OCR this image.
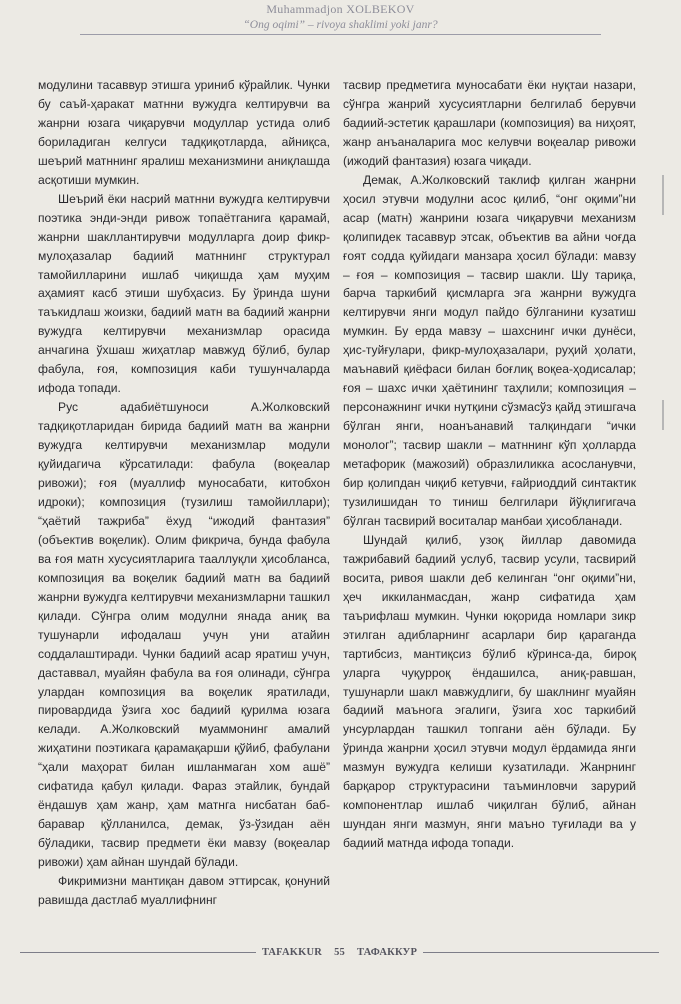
Muhammadjon XOLBEKOV
“Ong oqimi” – rivoya shaklimi yoki janr?

модулини тасаввур этишга уриниб кўрайлик. Чунки бу саъй-ҳаракат матнни вужудга келтирувчи ва жанрни юзага чиқарувчи модуллар устида олиб бориладиган келгуси тадқиқотларда, айниқса, шеърий матннинг яралиш механизмини аниқлашда асқотиши мумкин.

Шеърий ёки насрий матнни вужудга келтирувчи поэтика энди-энди ривож топаётганига қарамай, жанрни шакллантирувчи модулларга доир фикр-мулоҳазалар бадиий матннинг структурал тамойилларини ишлаб чиқишда ҳам муҳим аҳамият касб этиши шубҳасиз. Бу ўринда шуни таъкидлаш жоизки, бадиий матн ва бадиий жанрни вужудга келтирувчи механизмлар орасида анчагина ўхшаш жиҳатлар мавжуд бўлиб, булар фабула, ғоя, композиция каби тушунчаларда ифода топади.

Рус адабиётшуноси А.Жолковский тадқиқотларидан бирида бадиий матн ва жанрни вужудга келтирувчи механизмлар модули қуйидагича кўрсатилади: фабула (воқеалар ривожи); ғоя (муаллиф муносабати, китобхон идроки); композиция (тузилиш тамойиллари); “ҳаётий тажриба” ёхуд “ижодий фантазия” (объектив воқелик). Олим фикрича, бунда фабула ва ғоя матн хусусиятларига тааллуқли ҳисобланса, композиция ва воқелик бадиий матн ва бадиий жанрни вужудга келтирувчи механизмларни ташкил қилади. Сўнгра олим модулни янада аниқ ва тушунарли ифодалаш учун уни атайин соддалаштиради. Чунки бадиий асар яратиш учун, даставвал, муайян фабула ва ғоя олинади, сўнгра улардан композиция ва воқелик яратилади, пировардида ўзига хос бадиий қурилма юзага келади. А.Жолковский муаммонинг амалий жиҳатини поэтикага қарамақарши қўйиб, фабулани “ҳали маҳорат билан ишланмаган хом ашё” сифатида қабул қилади. Фараз этайлик, бундай ёндашув ҳам жанр, ҳам матнга нисбатан баб-баравар қўлланилса, демак, ўз-ўзидан аён бўладики, тасвир предмети ёки мавзу (воқеалар ривожи) ҳам айнан шундай бўлади.

Фикримизни мантиқан давом эттирсак, қонуний равишда дастлаб муаллифнинг

тасвир предметига муносабати ёки нуқтаи назари, сўнгра жанрий хусусиятларни белгилаб берувчи бадиий-эстетик қарашлари (композиция) ва ниҳоят, жанр анъаналарига мос келувчи воқеалар ривожи (ижодий фантазия) юзага чиқади.

Демак, А.Жолковский таклиф қилган жанрни ҳосил этувчи модулни асос қилиб, “онг оқими”ни асар (матн) жанрини юзага чиқарувчи механизм қолипидек тасаввур этсак, объектив ва айни чоғда ғоят содда қуйидаги манзара ҳосил бўлади: мавзу – ғоя – композиция – тасвир шакли. Шу тариқа, барча таркибий қисмларга эга жанрни вужудга келтирувчи янги модул пайдо бўлганини кузатиш мумкин. Бу ерда мавзу – шахснинг ички дунёси, ҳис-туйғулари, фикр-мулоҳазалари, руҳий ҳолати, маънавий қиёфаси билан боғлиқ воқеа-ҳодисалар; ғоя – шахс ички ҳаётининг таҳлили; композиция – персонажнинг ички нутқини сўзмасўз қайд этишгача бўлган янги, ноанъанавий талқиндаги “ички монолог”; тасвир шакли – матннинг кўп ҳолларда метафорик (мажозий) образлиликка асосланувчи, бир қолипдан чиқиб кетувчи, ғайриоддий синтактик тузилишидан то тиниш белгилари йўқлигигача бўлган тасвирий воситалар манбаи ҳисобланади.

Шундай қилиб, узоқ йиллар давомида тажрибавий бадиий услуб, тасвир усули, тасвирий восита, ривоя шакли деб келинган “онг оқими”ни, ҳеч иккиланмасдан, жанр сифатида ҳам таърифлаш мумкин. Чунки юқорида номлари зикр этилган адибларнинг асарлари бир қараганда тартибсиз, мантиқсиз бўлиб кўринса-да, бироқ уларга чуқурроқ ёндашилса, аниқ-равшан, тушунарли шакл мавжудлиги, бу шаклнинг муайян бадиий маънога эгалиги, ўзига хос таркибий унсурлардан ташкил топгани аён бўлади. Бу ўринда жанрни ҳосил этувчи модул ёрдамида янги мазмун вужудга келиши кузатилади. Жанрнинг барқарор структурасини таъминловчи зарурий компонентлар ишлаб чиқилган бўлиб, айнан шундан янги мазмун, янги маъно туғилади ва у бадиий матнда ифода топади.

TAFAKKUR	55	ТАФАККУР
